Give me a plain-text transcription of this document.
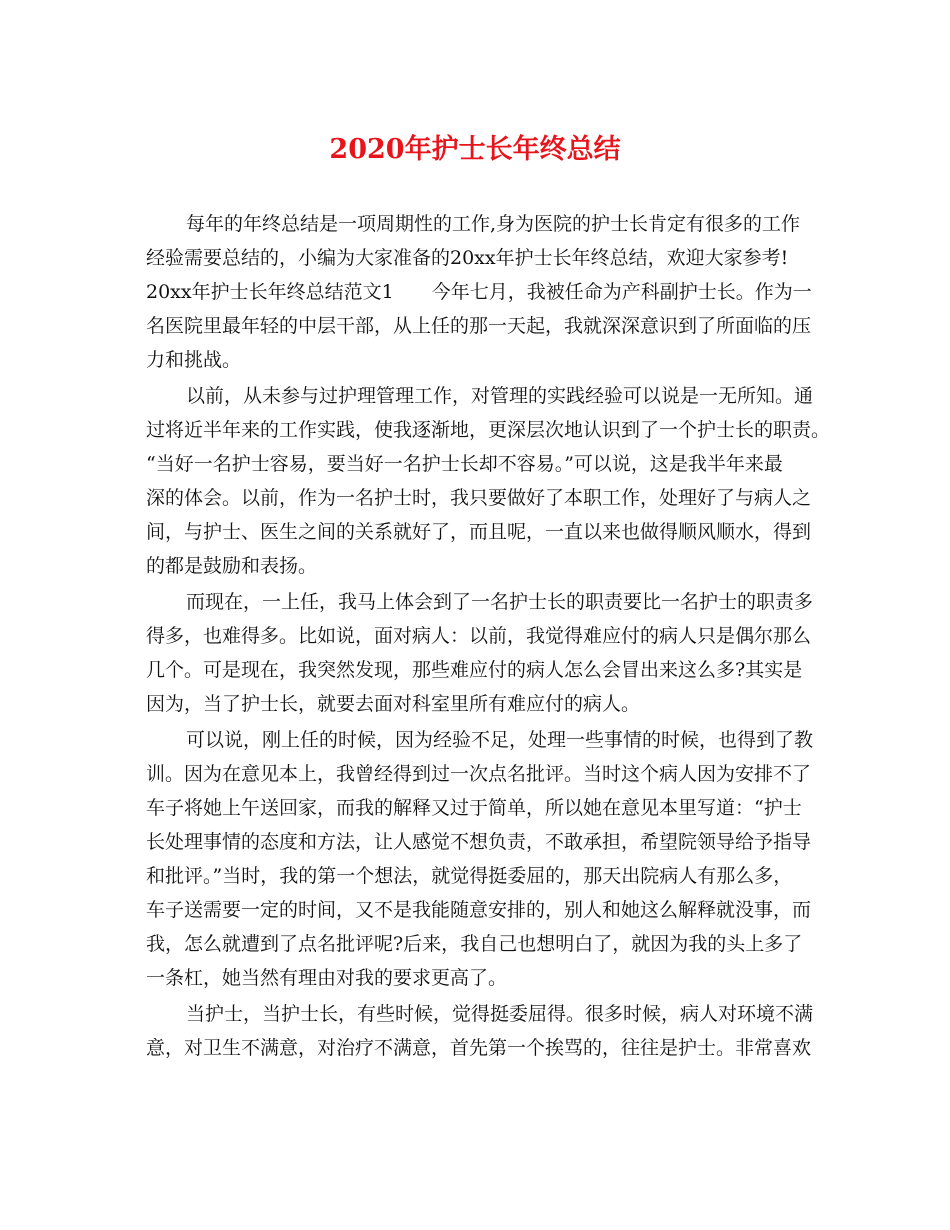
2020年护士长年终总结
每年的年终总结是一项周期性的工作,身为医院的护士长肯定有很多的工作
经验需要总结的，小编为大家准备的20xx年护士长年终总结，欢迎大家参考!
20xx年护士长年终总结范文1　　今年七月，我被任命为产科副护士长。作为一
名医院里最年轻的中层干部，从上任的那一天起，我就深深意识到了所面临的压
力和挑战。
以前，从未参与过护理管理工作，对管理的实践经验可以说是一无所知。通
过将近半年来的工作实践，使我逐渐地，更深层次地认识到了一个护士长的职责。
“当好一名护士容易，要当好一名护士长却不容易。”可以说，这是我半年来最
深的体会。以前，作为一名护士时，我只要做好了本职工作，处理好了与病人之
间，与护士、医生之间的关系就好了，而且呢，一直以来也做得顺风顺水，得到
的都是鼓励和表扬。
而现在，一上任，我马上体会到了一名护士长的职责要比一名护士的职责多
得多，也难得多。比如说，面对病人：以前，我觉得难应付的病人只是偶尔那么
几个。可是现在，我突然发现，那些难应付的病人怎么会冒出来这么多?其实是
因为，当了护士长，就要去面对科室里所有难应付的病人。
可以说，刚上任的时候，因为经验不足，处理一些事情的时候，也得到了教
训。因为在意见本上，我曾经得到过一次点名批评。当时这个病人因为安排不了
车子将她上午送回家，而我的解释又过于简单，所以她在意见本里写道：“护士
长处理事情的态度和方法，让人感觉不想负责，不敢承担，希望院领导给予指导
和批评。”当时，我的第一个想法，就觉得挺委屈的，那天出院病人有那么多，
车子送需要一定的时间，又不是我能随意安排的，别人和她这么解释就没事，而
我，怎么就遭到了点名批评呢?后来，我自己也想明白了，就因为我的头上多了
一条杠，她当然有理由对我的要求更高了。
当护士，当护士长，有些时候，觉得挺委屈得。很多时候，病人对环境不满
意，对卫生不满意，对治疗不满意，首先第一个挨骂的，往往是护士。非常喜欢
